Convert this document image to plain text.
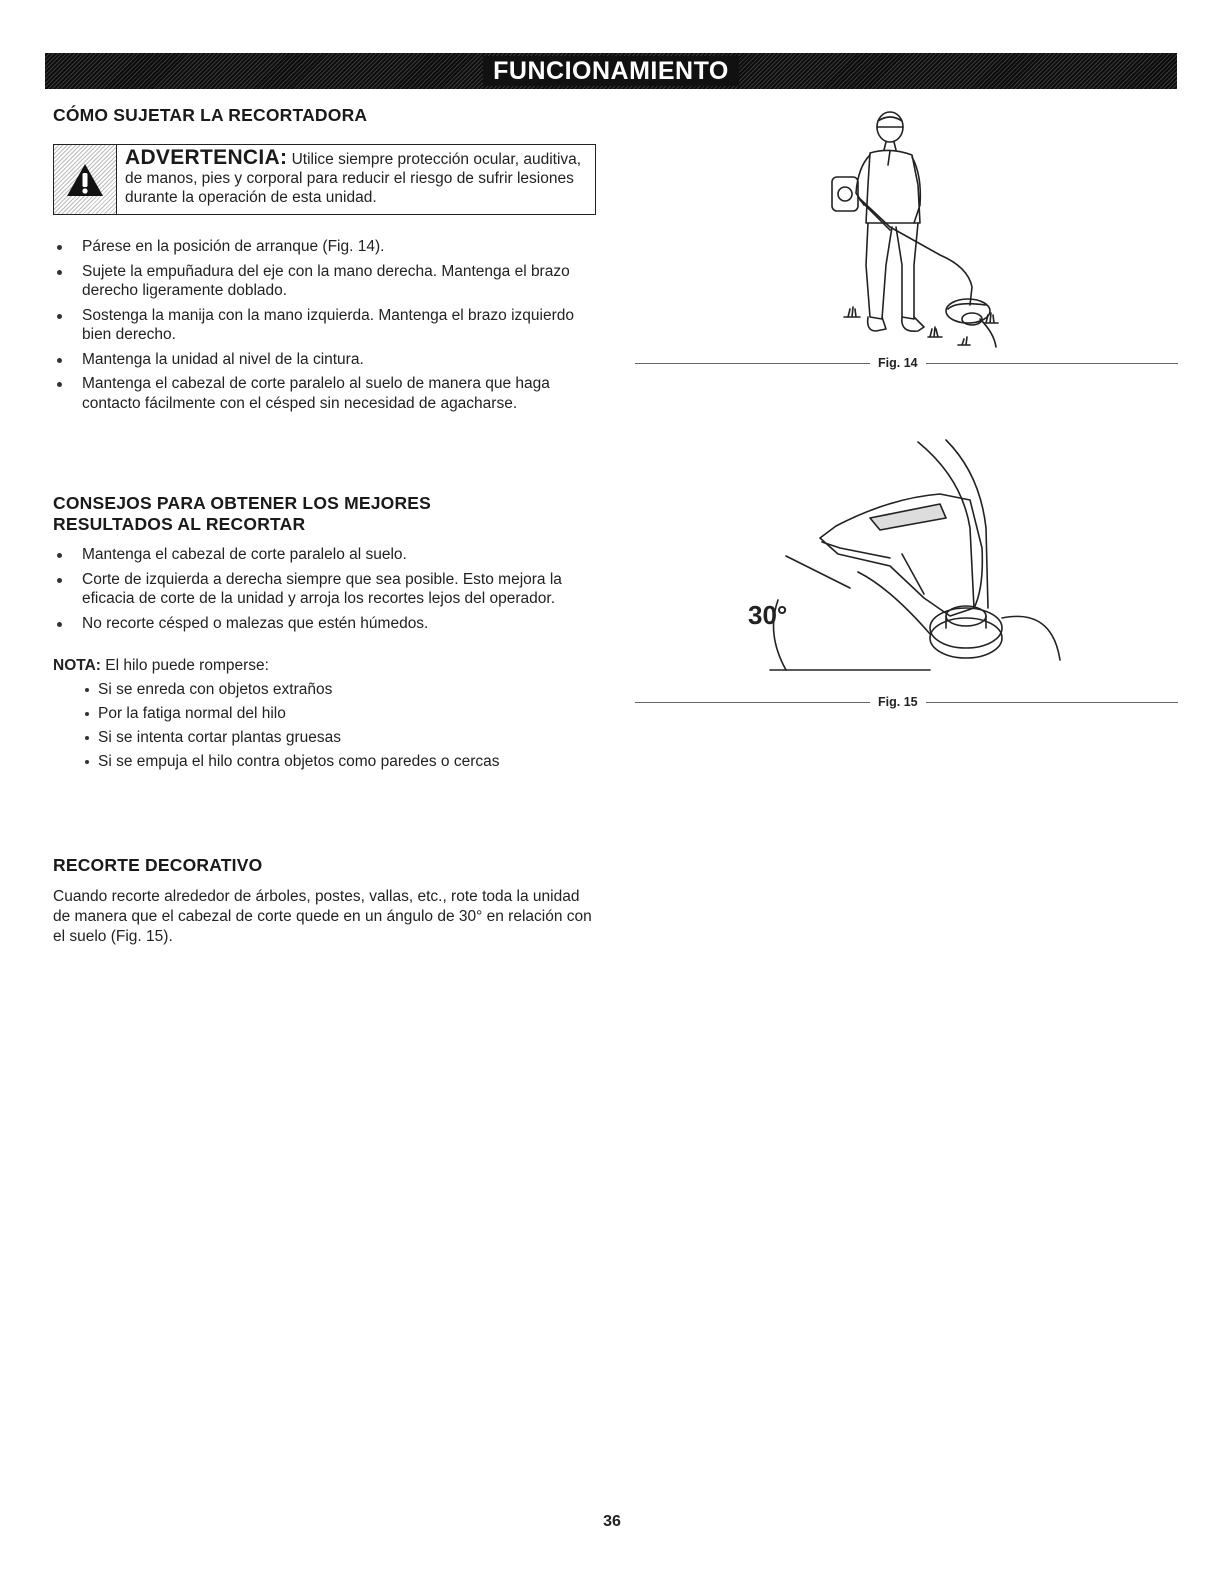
FUNCIONAMIENTO
CÓMO SUJETAR LA RECORTADORA
ADVERTENCIA: Utilice siempre protección ocular, auditiva, de manos, pies y corporal para reducir el riesgo de sufrir lesiones durante la operación de esta unidad.
Párese en la posición de arranque (Fig. 14).
Sujete la empuñadura del eje con la mano derecha. Mantenga el brazo derecho ligeramente doblado.
Sostenga la manija con la mano izquierda. Mantenga el brazo izquierdo bien derecho.
Mantenga la unidad al nivel de la cintura.
Mantenga el cabezal de corte paralelo al suelo de manera que haga contacto fácilmente con el césped sin necesidad de agacharse.
Fig. 14
CONSEJOS PARA OBTENER LOS MEJORES
RESULTADOS AL RECORTAR
Mantenga el cabezal de corte paralelo al suelo.
Corte de izquierda a derecha siempre que sea posible. Esto mejora la eficacia de corte de la unidad y arroja los recortes lejos del operador.
No recorte césped o malezas que estén húmedos.
NOTA: El hilo puede romperse:
Si se enreda con objetos extraños
Por la fatiga normal del hilo
Si se intenta cortar plantas gruesas
Si se empuja el hilo contra objetos como paredes o cercas
30°
Fig. 15
RECORTE DECORATIVO
Cuando recorte alrededor de árboles, postes, vallas, etc., rote toda la unidad de manera que el cabezal de corte quede en un ángulo de 30° en relación con el suelo (Fig. 15).
36
